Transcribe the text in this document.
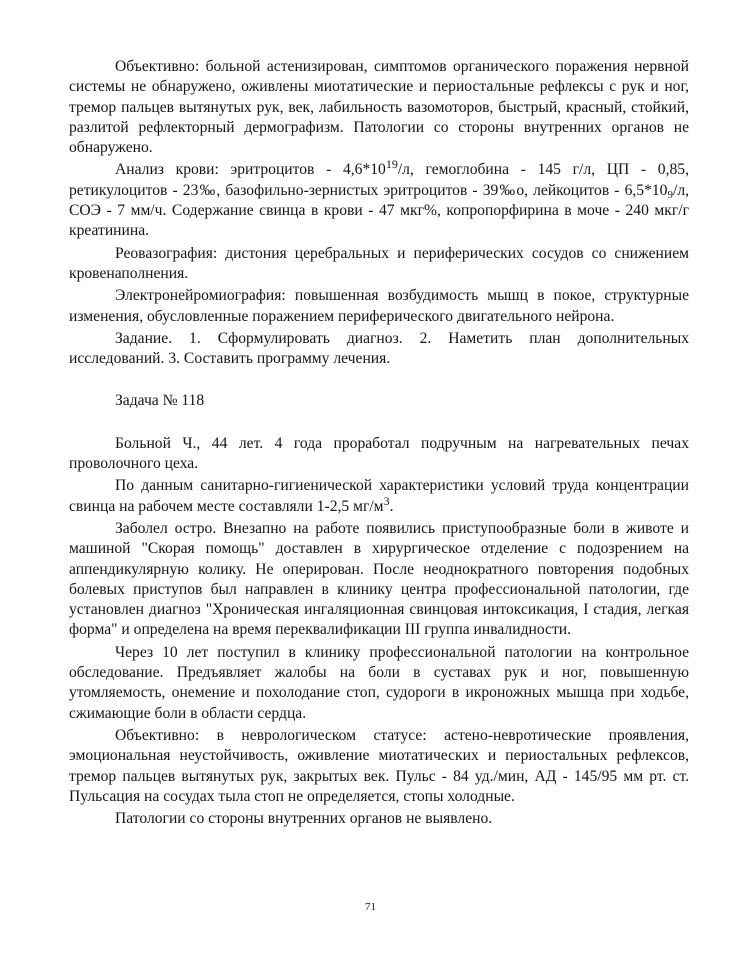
Объективно: больной астенизирован, симптомов органического поражения нервной системы не обнаружено, оживлены миотатические и периостальные рефлексы с рук и ног, тремор пальцев вытянутых рук, век, лабильность вазомоторов, быстрый, красный, стойкий, разлитой рефлекторный дермографизм. Патологии со стороны внутренних органов не обнаружено.

Анализ крови: эритроцитов - $4,6*10^{19}/л$, гемоглобина - 145 г/л, ЦП - 0,85, ретикулоцитов - 23‰, базофильно-зернистых эритроцитов - 39‰о, лейкоцитов - 6,5*109/л, СОЭ - 7 мм/ч. Содержание свинца в крови - 47 мкг%, копропорфирина в моче - 240 мкг/г креатинина.

Реовазография: дистония церебральных и периферических сосудов со снижением кровенаполнения.

Электронейромиография: повышенная возбудимость мышц в покое, структурные изменения, обусловленные поражением периферического двигательного нейрона.

Задание. 1. Сформулировать диагноз. 2. Наметить план дополнительных исследований. 3. Составить программу лечения.

Задача № 118

Больной Ч., 44 лет. 4 года проработал подручным на нагревательных печах проволочного цеха.

По данным санитарно-гигиенической характеристики условий труда концентрации свинца на рабочем месте составляли 1-2,5 $мг/м^3$.

Заболел остро. Внезапно на работе появились приступообразные боли в животе и машиной "Скорая помощь" доставлен в хирургическое отделение с подозрением на аппендикулярную колику. Не оперирован. После неоднократного повторения подобных болевых приступов был направлен в клинику центра профессиональной патологии, где установлен диагноз "Хроническая ингаляционная свинцовая интоксикация, I стадия, легкая форма" и определена на время переквалификации III группа инвалидности.

Через 10 лет поступил в клинику профессиональной патологии на контрольное обследование. Предъявляет жалобы на боли в суставах рук и ног, повышенную утомляемость, онемение и похолодание стоп, судороги в икроножных мышца при ходьбе, сжимающие боли в области сердца.

Объективно: в неврологическом статусе: астено-невротические проявления, эмоциональная неустойчивость, оживление миотатических и периостальных рефлексов, тремор пальцев вытянутых рук, закрытых век. Пульс - 84 уд./мин, АД - 145/95 мм рт. ст. Пульсация на сосудах тыла стоп не определяется, стопы холодные.

Патологии со стороны внутренних органов не выявлено.

71
